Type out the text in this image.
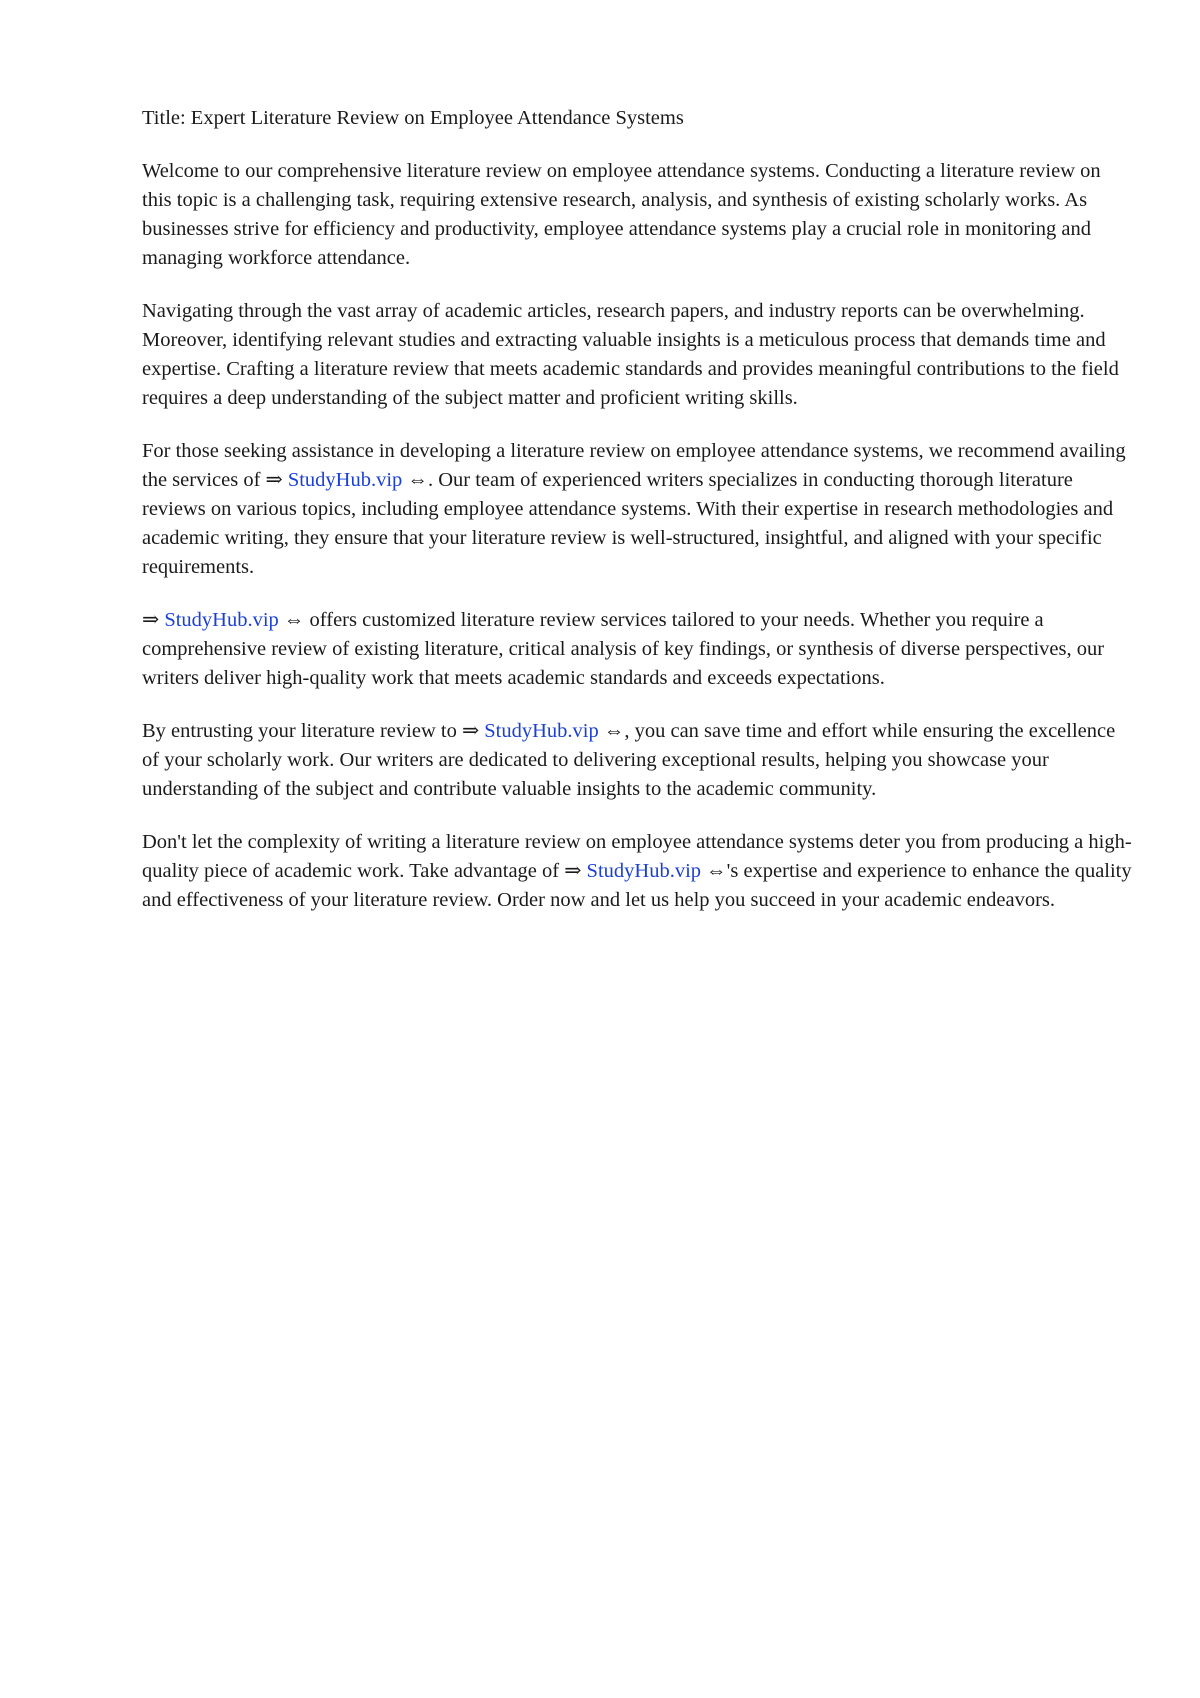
Title: Expert Literature Review on Employee Attendance Systems

Welcome to our comprehensive literature review on employee attendance systems. Conducting a literature review on this topic is a challenging task, requiring extensive research, analysis, and synthesis of existing scholarly works. As businesses strive for efficiency and productivity, employee attendance systems play a crucial role in monitoring and managing workforce attendance.

Navigating through the vast array of academic articles, research papers, and industry reports can be overwhelming. Moreover, identifying relevant studies and extracting valuable insights is a meticulous process that demands time and expertise. Crafting a literature review that meets academic standards and provides meaningful contributions to the field requires a deep understanding of the subject matter and proficient writing skills.

For those seeking assistance in developing a literature review on employee attendance systems, we recommend availing the services of ⇒ StudyHub.vip ⇔. Our team of experienced writers specializes in conducting thorough literature reviews on various topics, including employee attendance systems. With their expertise in research methodologies and academic writing, they ensure that your literature review is well-structured, insightful, and aligned with your specific requirements.

⇒ StudyHub.vip ⇔ offers customized literature review services tailored to your needs. Whether you require a comprehensive review of existing literature, critical analysis of key findings, or synthesis of diverse perspectives, our writers deliver high-quality work that meets academic standards and exceeds expectations.

By entrusting your literature review to ⇒ StudyHub.vip ⇔, you can save time and effort while ensuring the excellence of your scholarly work. Our writers are dedicated to delivering exceptional results, helping you showcase your understanding of the subject and contribute valuable insights to the academic community.

Don't let the complexity of writing a literature review on employee attendance systems deter you from producing a high-quality piece of academic work. Take advantage of ⇒ StudyHub.vip ⇔'s expertise and experience to enhance the quality and effectiveness of your literature review. Order now and let us help you succeed in your academic endeavors.
